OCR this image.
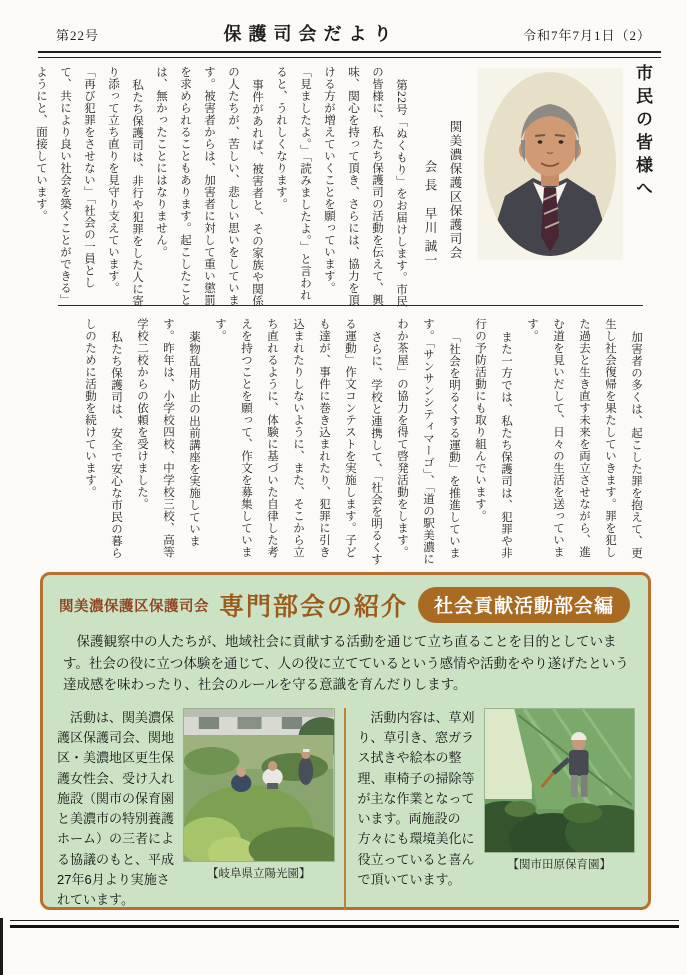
第22号	保護司会だより	令和7年7月1日（2）
市民の皆様へ
関美濃保護区保護司会
会 長早川 誠一

第22号「ぬくもり」をお届けします。市民の皆様に、私たち保護司の活動を伝えて、興味、関心を持って頂き、さらには、協力を頂ける方が増えていくことを願っています。「見ましたよ。」「読みましたよ。」と言われると、うれしくなります。

事件があれば、被害者と、その家族や関係の人たちが、苦しい、悲しい思いをしています。被害者からは、加害者に対して重い懲罰を求められることもあります。起こしたことは、無かったことにはなりません。

私たち保護司は、非行や犯罪をした人に寄り添って立ち直りを見守り支えています。「再び犯罪をさせない」「社会の一員として、共により良い社会を築くことができる」ようにと、面接しています。

加害者の多くは、起こした罪を抱えて、更生し社会復帰を果たしていきます。罪を犯した過去と生き直す未来を両立させながら、進む道を見いだして、日々の生活を送っています。

また一方では、私たち保護司は、犯罪や非行の予防活動にも取り組んでいます。

「社会を明るくする運動」を推進しています。「サンサンシティマーゴ」、「道の駅美濃にわか茶屋」の協力を得て啓発活動をします。

さらに、学校と連携して、「社会を明るくする運動」作文コンテストを実施します。子ども達が、事件に巻き込まれたり、犯罪に引き込まれたりしないように、また、そこから立ち直れるように、体験に基づいた自律した考えを持つことを願って、作文を募集しています。

薬物乱用防止の出前講座を実施しています。昨年は、小学校四校、中学校三校、高等学校二校からの依頼を受けました。

私たち保護司は、安全で安心な市民の暮らしのために活動を続けています。

関美濃保護区保護司会 専門部会の紹介	社会貢献活動部会編
保護観察中の人たちが、地域社会に貢献する活動を通じて立ち直ることを目的としています。社会の役に立つ体験を通じて、人の役に立てているという感情や活動をやり遂げたという達成感を味わったり、社会のルールを守る意識を育んだりします。
活動は、関美濃保護区保護司会、関地区・美濃地区更生保護女性会、受け入れ施設（関市の保育園と美濃市の特別養護ホーム）の三者による協議のもと、平成27年6月より実施されています。
【岐阜県立陽光園】
活動内容は、草刈り、草引き、窓ガラス拭きや絵本の整理、車椅子の掃除等が主な作業となっています。両施設の方々にも環境美化に役立っていると喜んで頂いています。
【関市田原保育園】
